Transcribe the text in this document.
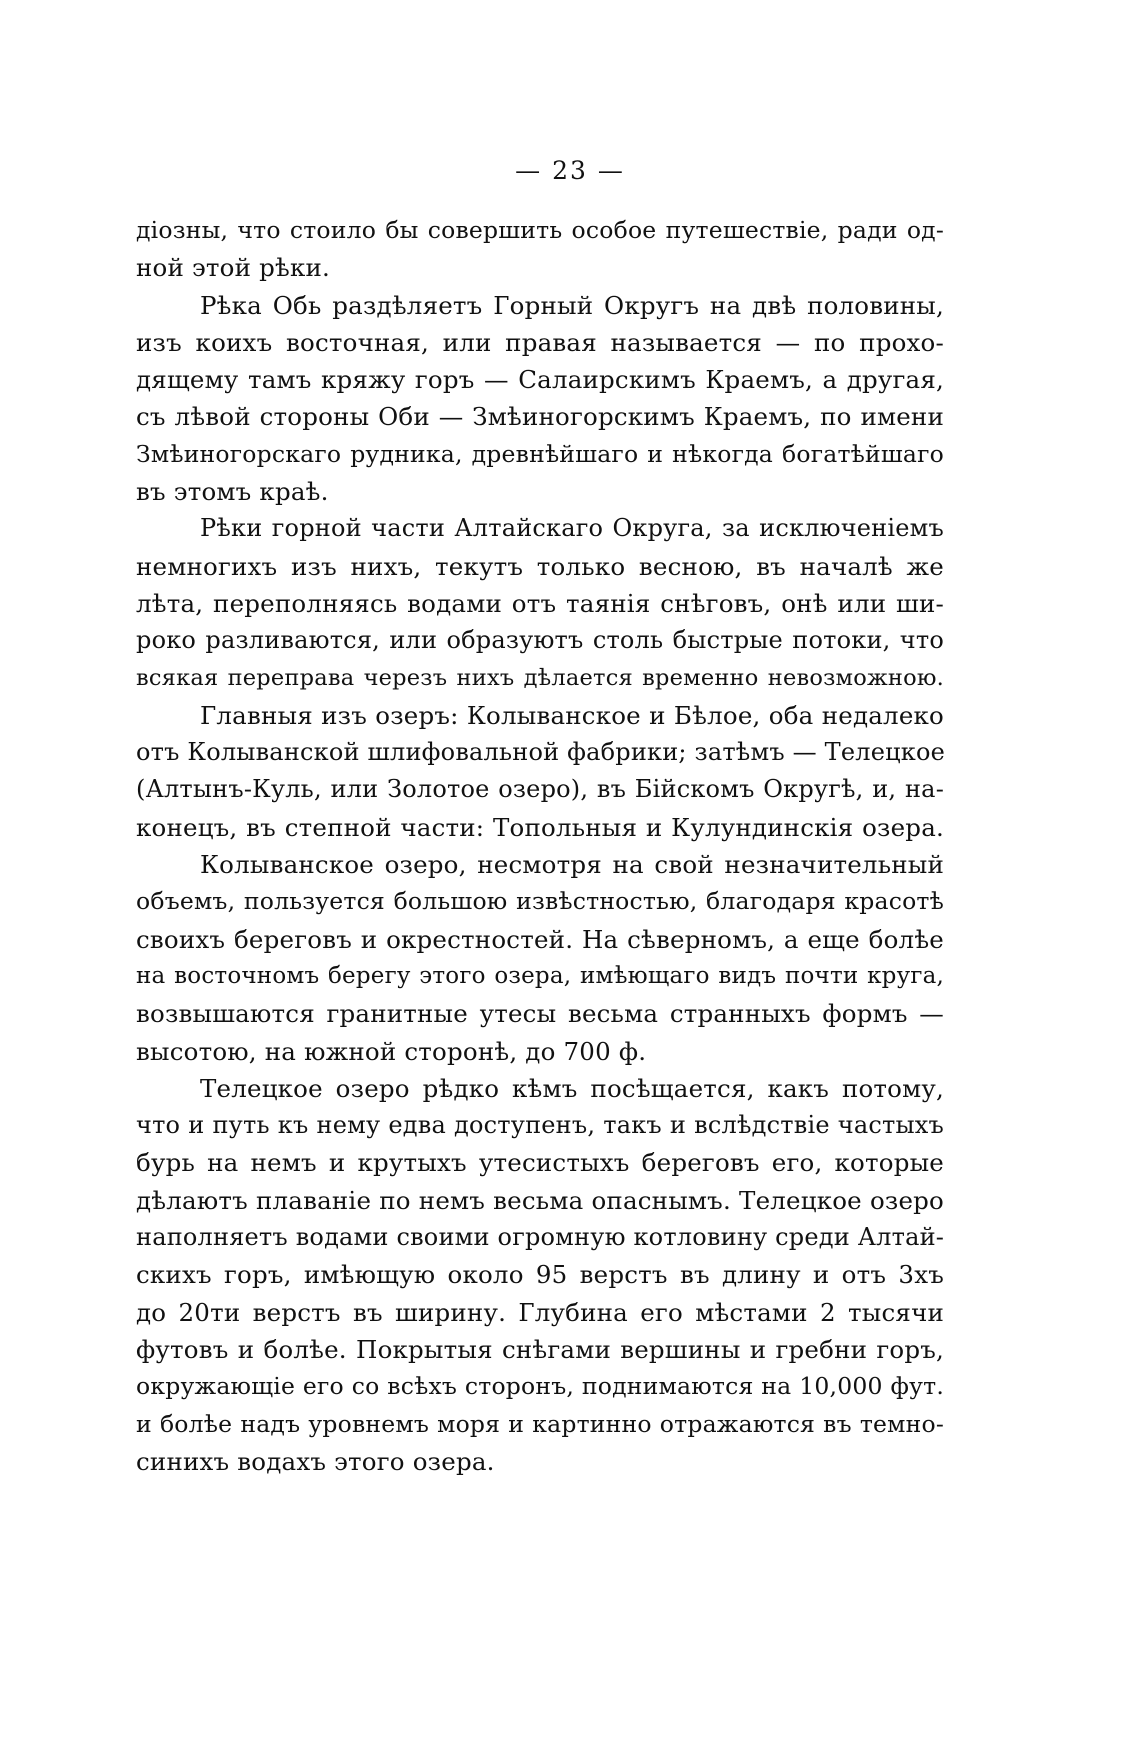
— 23 —
діозны, что стоило бы совершить особое путешествіе, ради од-
ной этой рѣки.
Рѣка Обь раздѣляетъ Горный Округъ на двѣ половины,
изъ коихъ восточная, или правая называется — по прохо-
дящему тамъ кряжу горъ — Салаирскимъ Краемъ, а другая,
съ лѣвой стороны Оби — Змѣиногорскимъ Краемъ, по имени
Змѣиногорскаго рудника, древнѣйшаго и нѣкогда богатѣйшаго
въ этомъ краѣ.
Рѣки горной части Алтайскаго Округа, за исключеніемъ
немногихъ изъ нихъ, текутъ только весною, въ началѣ же
лѣта, переполняясь водами отъ таянія снѣговъ, онѣ или ши-
роко разливаются, или образуютъ столь быстрые потоки, что
всякая переправа черезъ нихъ дѣлается временно невозможною.
Главныя изъ озеръ: Колыванское и Бѣлое, оба недалеко
отъ Колыванской шлифовальной фабрики; затѣмъ — Телецкое
(Алтынъ-Куль, или Золотое озеро), въ Бійскомъ Округѣ, и, на-
конецъ, въ степной части: Топольныя и Кулундинскія озера.
Колыванское озеро, несмотря на свой незначительный
объемъ, пользуется большою извѣстностью, благодаря красотѣ
своихъ береговъ и окрестностей. На сѣверномъ, а еще болѣе
на восточномъ берегу этого озера, имѣющаго видъ почти круга,
возвышаются гранитные утесы весьма странныхъ формъ —
высотою, на южной сторонѣ, до 700 ф.
Телецкое озеро рѣдко кѣмъ посѣщается, какъ потому,
что и путь къ нему едва доступенъ, такъ и вслѣдствіе частыхъ
бурь на немъ и крутыхъ утесистыхъ береговъ его, которые
дѣлаютъ плаваніе по немъ весьма опаснымъ. Телецкое озеро
наполняетъ водами своими огромную котловину среди Алтай-
скихъ горъ, имѣющую около 95 верстъ въ длину и отъ 3хъ
до 20ти верстъ въ ширину. Глубина его мѣстами 2 тысячи
футовъ и болѣе. Покрытыя снѣгами вершины и гребни горъ,
окружающіе его со всѣхъ сторонъ, поднимаются на 10,000 фут.
и болѣе надъ уровнемъ моря и картинно отражаются въ темно-
синихъ водахъ этого озера.
